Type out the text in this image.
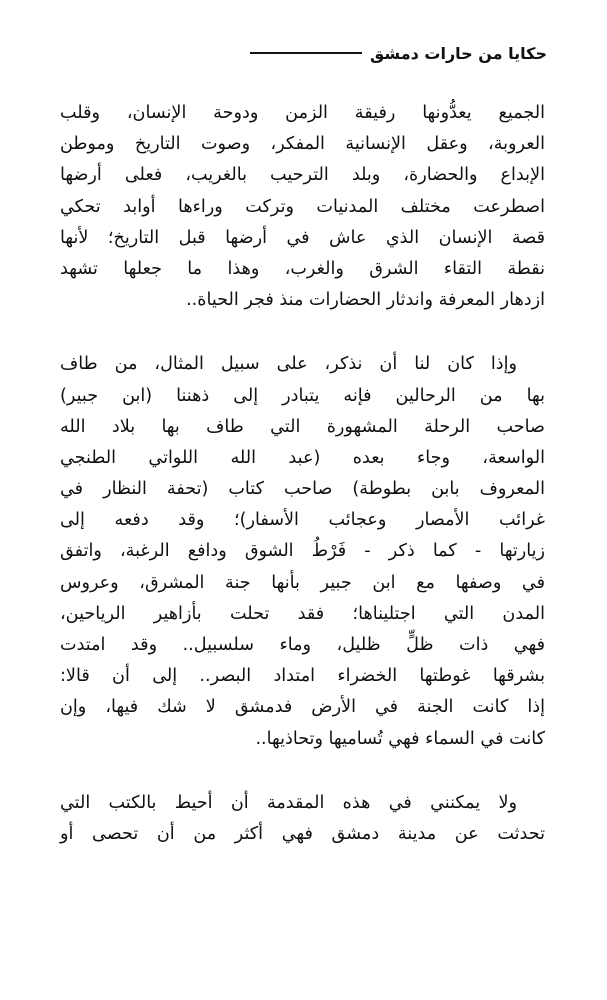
حكايا من حارات دمشق

الجميع يعدُّونها رفيقة الزمن ودوحة الإنسان، وقلب
العروبة، وعقل الإنسانية المفكر، وصوت التاريخ وموطن
الإبداع والحضارة، وبلد الترحيب بالغريب، فعلى أرضها
اصطرعت مختلف المدنيات وتركت وراءها أوابد تحكي
قصة الإنسان الذي عاش في أرضها قبل التاريخ؛ لأنها
نقطة التقاء الشرق والغرب، وهذا ما جعلها تشهد
ازدهار المعرفة واندثار الحضارات منذ فجر الحياة..

وإذا كان لنا أن نذكر، على سبيل المثال، من طاف
بها من الرحالين فإنه يتبادر إلى ذهننا (ابن جبير)
صاحب الرحلة المشهورة التي طاف بها بلاد الله
الواسعة، وجاء بعده (عبد الله اللواتي الطنجي
المعروف بابن بطوطة) صاحب كتاب (تحفة النظار في
غرائب الأمصار وعجائب الأسفار)؛ وقد دفعه إلى
زيارتها - كما ذكر - فَرْطُ الشوق ودافع الرغبة، واتفق
في وصفها مع ابن جبير بأنها جنة المشرق، وعروس
المدن التي اجتليناها؛ فقد تحلت بأزاهير الرياحين،
فهي ذات ظلٍّ ظليل، وماء سلسبيل.. وقد امتدت
بشرقها غوطتها الخضراء امتداد البصر.. إلى أن قالا:
إذا كانت الجنة في الأرض فدمشق لا شك فيها، وإن
كانت في السماء فهي تُساميها وتحاذيها..

ولا يمكنني في هذه المقدمة أن أحيط بالكتب التي
تحدثت عن مدينة دمشق فهي أكثر من أن تحصى أو
